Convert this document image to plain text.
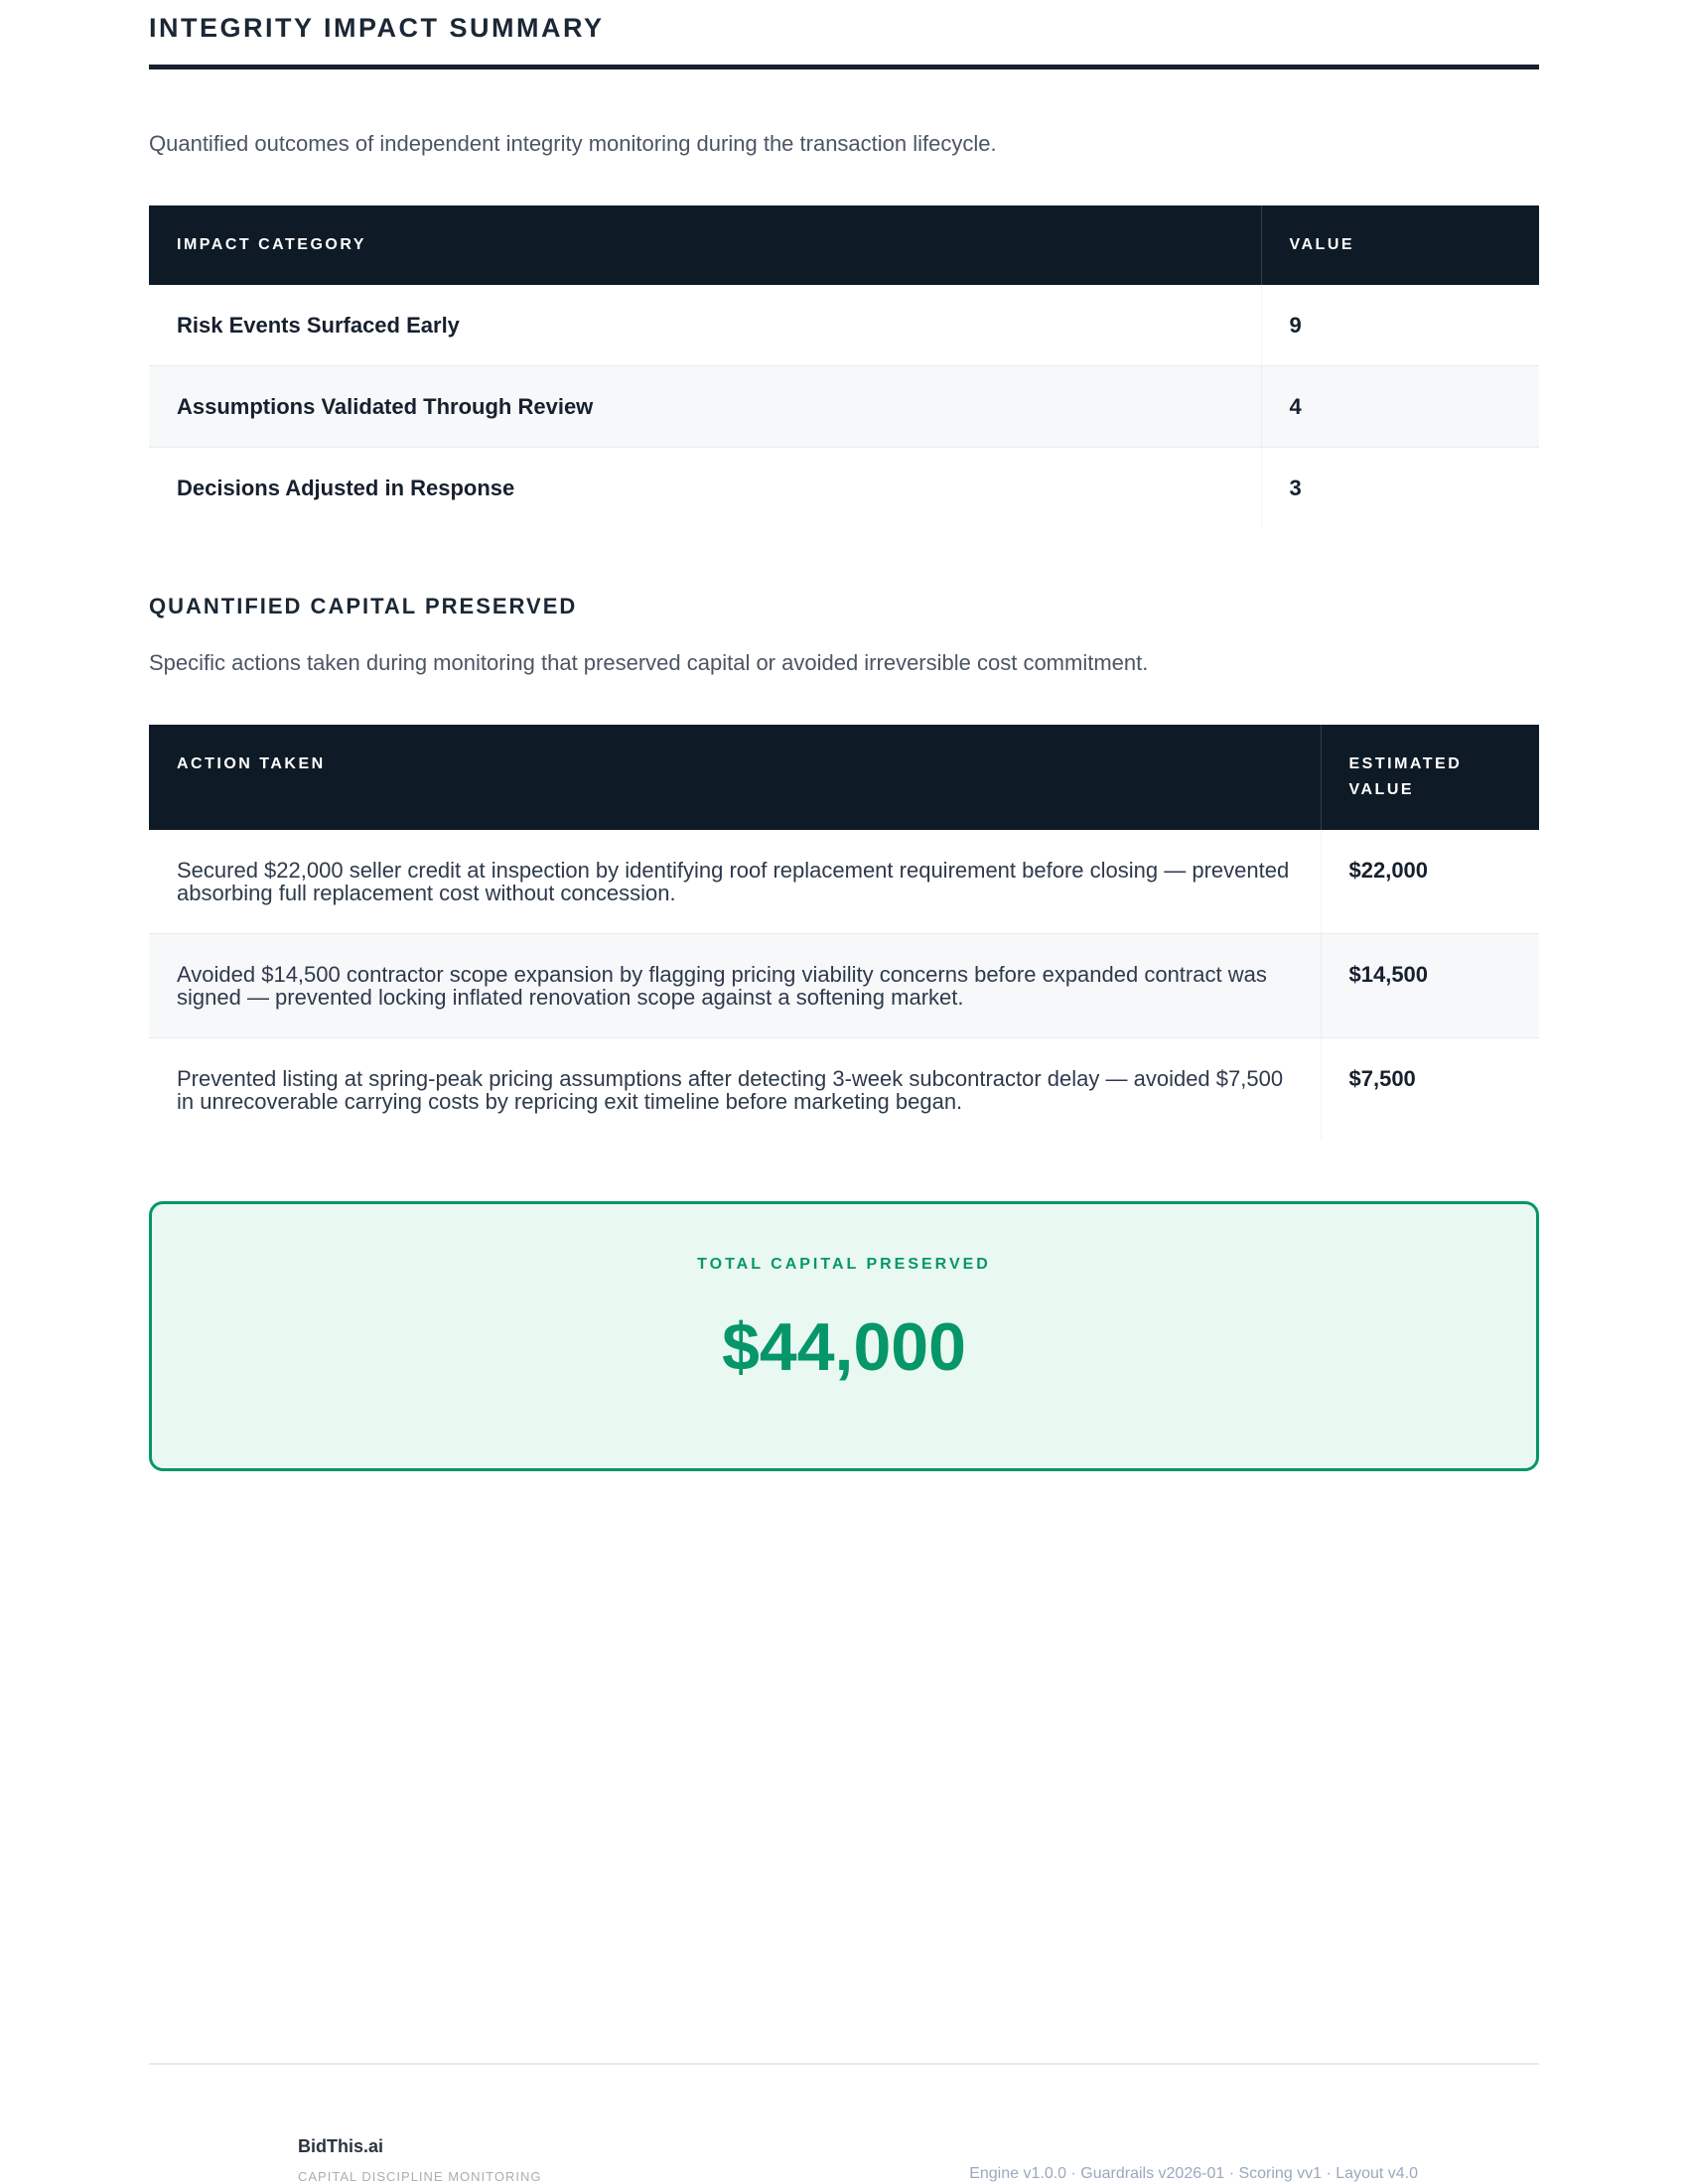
INTEGRITY IMPACT SUMMARY

Quantified outcomes of independent integrity monitoring during the transaction lifecycle.

IMPACT CATEGORY	VALUE
Risk Events Surfaced Early	9
Assumptions Validated Through Review	4
Decisions Adjusted in Response	3
QUANTIFIED CAPITAL PRESERVED

Specific actions taken during monitoring that preserved capital or avoided irreversible cost commitment.

ACTION TAKEN	ESTIMATED VALUE
Secured $22,000 seller credit at inspection by identifying roof replacement requirement before closing — prevented absorbing full replacement cost without concession.	$22,000
Avoided $14,500 contractor scope expansion by flagging pricing viability concerns before expanded contract was signed — prevented locking inflated renovation scope against a softening market.	$14,500
Prevented listing at spring-peak pricing assumptions after detecting 3-week subcontractor delay — avoided $7,500 in unrecoverable carrying costs by repricing exit timeline before marketing began.	$7,500
TOTAL CAPITAL PRESERVED
$44,000
BidThis.ai
CAPITAL DISCIPLINE MONITORING	Engine v1.0.0 · Guardrails v2026-01 · Scoring vv1 · Layout v4.0
